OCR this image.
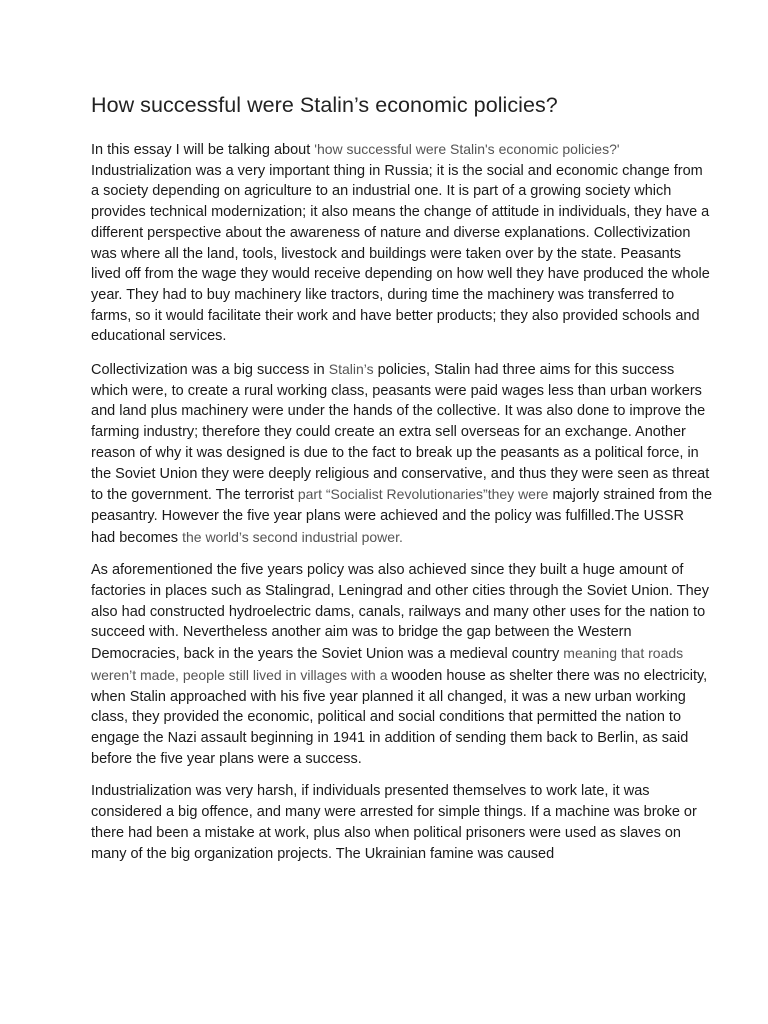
How successful were Stalin’s economic policies?

In this essay I will be talking about 'how successful were Stalin's economic policies?' Industrialization was a very important thing in Russia; it is the social and economic change from a society depending on agriculture to an industrial one. It is part of a growing society which provides technical modernization; it also means the change of attitude in individuals, they have a different perspective about the awareness of nature and diverse explanations. Collectivization was where all the land, tools, livestock and buildings were taken over by the state. Peasants lived off from the wage they would receive depending on how well they have produced the whole year. They had to buy machinery like tractors, during time the machinery was transferred to farms, so it would facilitate their work and have better products; they also provided schools and educational services.

Collectivization was a big success in Stalin’s policies, Stalin had three aims for this success which were, to create a rural working class, peasants were paid wages less than urban workers and land plus machinery were under the hands of the collective. It was also done to improve the farming industry; therefore they could create an extra sell overseas for an exchange. Another reason of why it was designed is due to the fact to break up the peasants as a political force, in the Soviet Union they were deeply religious and conservative, and thus they were seen as threat to the government. The terrorist part “Socialist Revolutionaries”they were majorly strained from the peasantry. However the five year plans were achieved and the policy was fulfilled.The USSR had becomes the world’s second industrial power.

As aforementioned the five years policy was also achieved since they built a huge amount of factories in places such as Stalingrad, Leningrad and other cities through the Soviet Union. They also had constructed hydroelectric dams, canals, railways and many other uses for the nation to succeed with. Nevertheless another aim was to bridge the gap between the Western Democracies, back in the years the Soviet Union was a medieval country meaning that roads weren’t made, people still lived in villages with a wooden house as shelter there was no electricity, when Stalin approached with his five year planned it all changed, it was a new urban working class, they provided the economic, political and social conditions that permitted the nation to engage the Nazi assault beginning in 1941 in addition of sending them back to Berlin, as said before the five year plans were a success.

Industrialization was very harsh, if individuals presented themselves to work late, it was considered a big offence, and many were arrested for simple things. If a machine was broke or there had been a mistake at work, plus also when political prisoners were used as slaves on many of the big organization projects. The Ukrainian famine was caused
